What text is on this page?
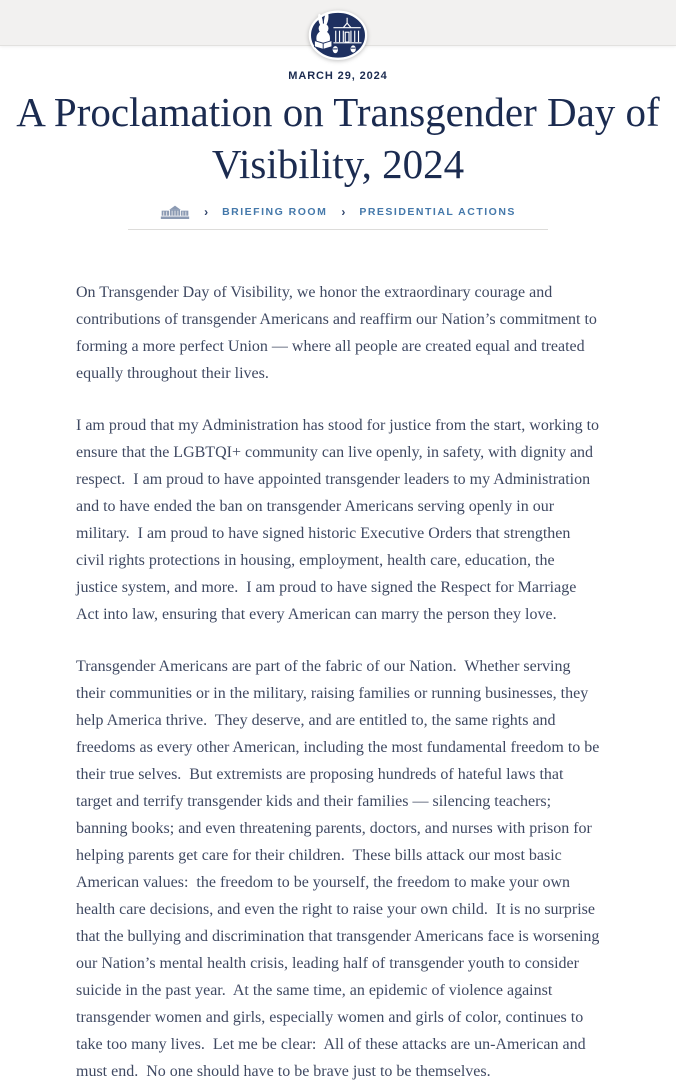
MARCH 29, 2024
A Proclamation on Transgender Day of
Visibility, 2024
› BRIEFING ROOM › PRESIDENTIAL ACTIONS

On Transgender Day of Visibility, we honor the extraordinary courage and contributions of transgender Americans and reaffirm our Nation’s commitment to forming a more perfect Union — where all people are created equal and treated equally throughout their lives.

I am proud that my Administration has stood for justice from the start, working to ensure that the LGBTQI+ community can live openly, in safety, with dignity and respect.  I am proud to have appointed transgender leaders to my Administration and to have ended the ban on transgender Americans serving openly in our military.  I am proud to have signed historic Executive Orders that strengthen civil rights protections in housing, employment, health care, education, the justice system, and more.  I am proud to have signed the Respect for Marriage Act into law, ensuring that every American can marry the person they love.

Transgender Americans are part of the fabric of our Nation.  Whether serving their communities or in the military, raising families or running businesses, they help America thrive.  They deserve, and are entitled to, the same rights and freedoms as every other American, including the most fundamental freedom to be their true selves.  But extremists are proposing hundreds of hateful laws that target and terrify transgender kids and their families — silencing teachers; banning books; and even threatening parents, doctors, and nurses with prison for helping parents get care for their children.  These bills attack our most basic American values:  the freedom to be yourself, the freedom to make your own health care decisions, and even the right to raise your own child.  It is no surprise that the bullying and discrimination that transgender Americans face is worsening our Nation’s mental health crisis, leading half of transgender youth to consider suicide in the past year.  At the same time, an epidemic of violence against transgender women and girls, especially women and girls of color, continues to take too many lives.  Let me be clear:  All of these attacks are un-American and must end.  No one should have to be brave just to be themselves.
